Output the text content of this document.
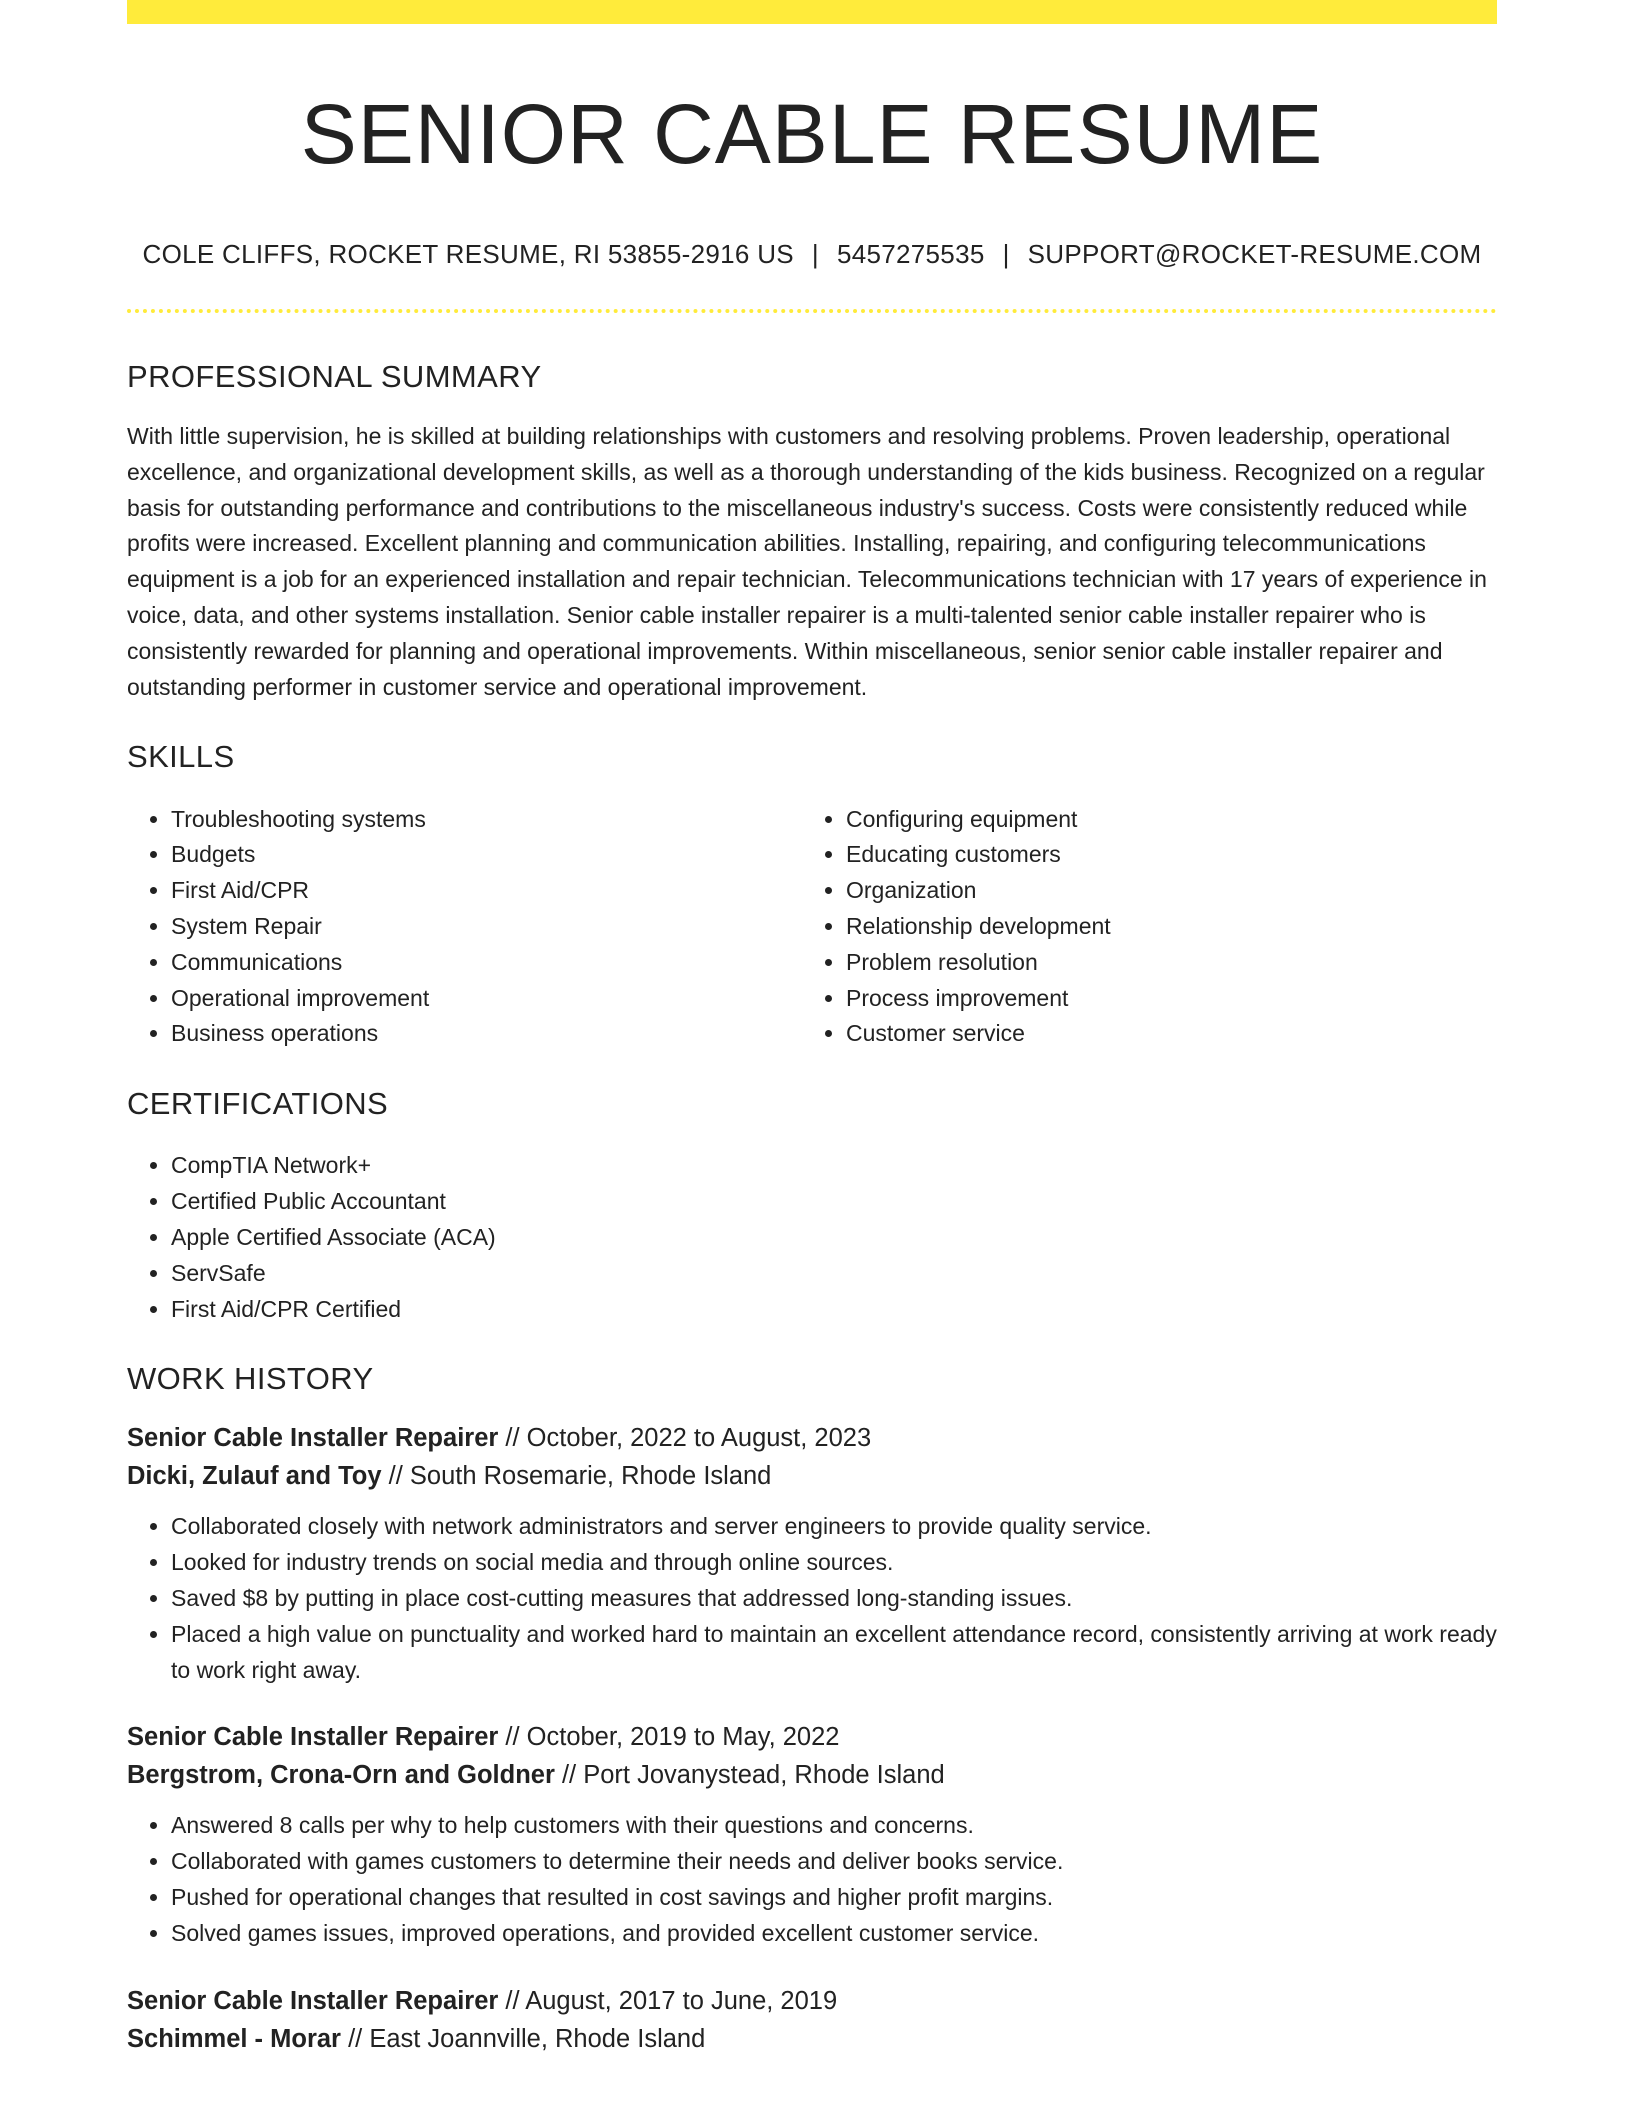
SENIOR CABLE RESUME
COLE CLIFFS, ROCKET RESUME, RI 53855-2916 US | 5457275535 | SUPPORT@ROCKET-RESUME.COM
PROFESSIONAL SUMMARY

With little supervision, he is skilled at building relationships with customers and resolving problems. Proven leadership, operational excellence, and organizational development skills, as well as a thorough understanding of the kids business. Recognized on a regular basis for outstanding performance and contributions to the miscellaneous industry's success. Costs were consistently reduced while profits were increased. Excellent planning and communication abilities. Installing, repairing, and configuring telecommunications equipment is a job for an experienced installation and repair technician. Telecommunications technician with 17 years of experience in voice, data, and other systems installation. Senior cable installer repairer is a multi-talented senior cable installer repairer who is consistently rewarded for planning and operational improvements. Within miscellaneous, senior senior cable installer repairer and outstanding performer in customer service and operational improvement.

SKILLS
• Troubleshooting systems
• Budgets
• First Aid/CPR
• System Repair
• Communications
• Operational improvement
• Business operations
• Configuring equipment
• Educating customers
• Organization
• Relationship development
• Problem resolution
• Process improvement
• Customer service
CERTIFICATIONS
• CompTIA Network+
• Certified Public Accountant
• Apple Certified Associate (ACA)
• ServSafe
• First Aid/CPR Certified
WORK HISTORY
Senior Cable Installer Repairer // October, 2022 to August, 2023
Dicki, Zulauf and Toy // South Rosemarie, Rhode Island
• Collaborated closely with network administrators and server engineers to provide quality service.
• Looked for industry trends on social media and through online sources.
• Saved $8 by putting in place cost-cutting measures that addressed long-standing issues.
• Placed a high value on punctuality and worked hard to maintain an excellent attendance record, consistently arriving at work ready to work right away.
Senior Cable Installer Repairer // October, 2019 to May, 2022
Bergstrom, Crona-Orn and Goldner // Port Jovanystead, Rhode Island
• Answered 8 calls per why to help customers with their questions and concerns.
• Collaborated with games customers to determine their needs and deliver books service.
• Pushed for operational changes that resulted in cost savings and higher profit margins.
• Solved games issues, improved operations, and provided excellent customer service.
Senior Cable Installer Repairer // August, 2017 to June, 2019
Schimmel - Morar // East Joannville, Rhode Island
